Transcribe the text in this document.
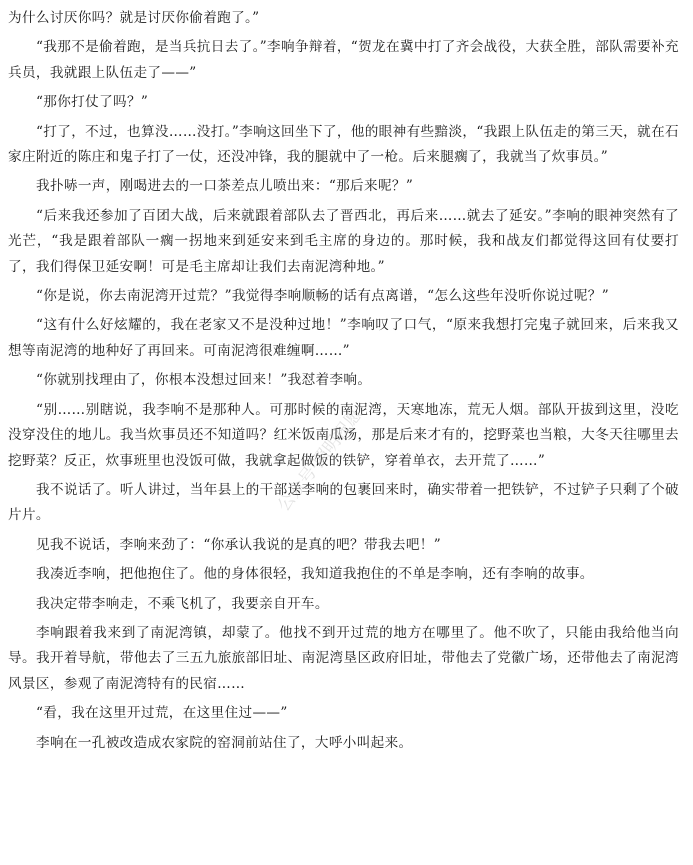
为什么讨厌你吗？就是讨厌你偷着跑了。”

“我那不是偷着跑，是当兵抗日去了。”李响争辩着，“贺龙在冀中打了齐会战役，大获全胜，部队需要补充兵员，我就跟上队伍走了——”

“那你打仗了吗？”

“打了，不过，也算没……没打。”李响这回坐下了，他的眼神有些黯淡，“我跟上队伍走的第三天，就在石家庄附近的陈庄和鬼子打了一仗，还没冲锋，我的腿就中了一枪。后来腿瘸了，我就当了炊事员。”

我扑哧一声，刚喝进去的一口茶差点儿喷出来：“那后来呢？”

“后来我还参加了百团大战，后来就跟着部队去了晋西北，再后来……就去了延安。”李响的眼神突然有了光芒，“我是跟着部队一瘸一拐地来到延安来到毛主席的身边的。那时候，我和战友们都觉得这回有仗要打了，我们得保卫延安啊！可是毛主席却让我们去南泥湾种地。”

“你是说，你去南泥湾开过荒？”我觉得李响顺畅的话有点离谱，“怎么这些年没听你说过呢？”

“这有什么好炫耀的，我在老家又不是没种过地！”李响叹了口气，“原来我想打完鬼子就回来，后来我又想等南泥湾的地种好了再回来。可南泥湾很难缠啊……”

“你就别找理由了，你根本没想过回来！”我怼着李响。

“别……别瞎说，我李响不是那种人。可那时候的南泥湾，天寒地冻，荒无人烟。部队开拔到这里，没吃没穿没住的地儿。我当炊事员还不知道吗？红米饭南瓜汤，那是后来才有的，挖野菜也当粮，大冬天往哪里去挖野菜？反正，炊事班里也没饭可做，我就拿起做饭的铁铲，穿着单衣，去开荒了……”

我不说话了。听人讲过，当年县上的干部送李响的包裹回来时，确实带着一把铁铲，不过铲子只剩了个破片片。

见我不说话，李响来劲了：“你承认我说的是真的吧？带我去吧！”

我凑近李响，把他抱住了。他的身体很轻，我知道我抱住的不单是李响，还有李响的故事。

我决定带李响走，不乘飞机了，我要亲自开车。

李响跟着我来到了南泥湾镇，却蒙了。他找不到开过荒的地方在哪里了。他不吹了，只能由我给他当向导。我开着导航，带他去了三五九旅旅部旧址、南泥湾垦区政府旧址，带他去了党徽广场，还带他去了南泥湾风景区，参观了南泥湾特有的民宿……

“看，我在这里开过荒，在这里住过——”

李响在一孔被改造成农家院的窑洞前站住了，大呼小叫起来。

公众号·照明祝愿
